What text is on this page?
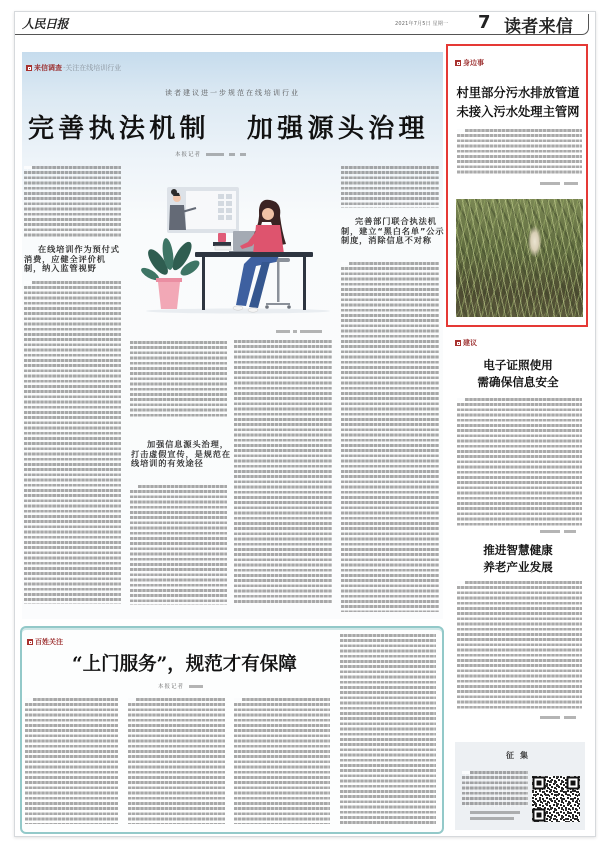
人民日报	2021年7月5日 星期一 7 读者来信
来信调查 ·关注在线培训行业
读者建议进一步规范在线培训行业
完善执法机制 加强源头治理
本报记者
在线培训作为预付式
消费，应健全评价机
制，纳入监管视野
加强信息源头治理，
打击虚假宣传，是规范在
线培训的有效途径
完善部门联合执法机
制，建立“黑白名单”公示
制度，消除信息不对称
百姓关注
“上门服务”，规范才有保障
本报记者
身边事
村里部分污水排放管道
未接入污水处理主管网
建议
电子证照使用
需确保信息安全
推进智慧健康
养老产业发展
征集
